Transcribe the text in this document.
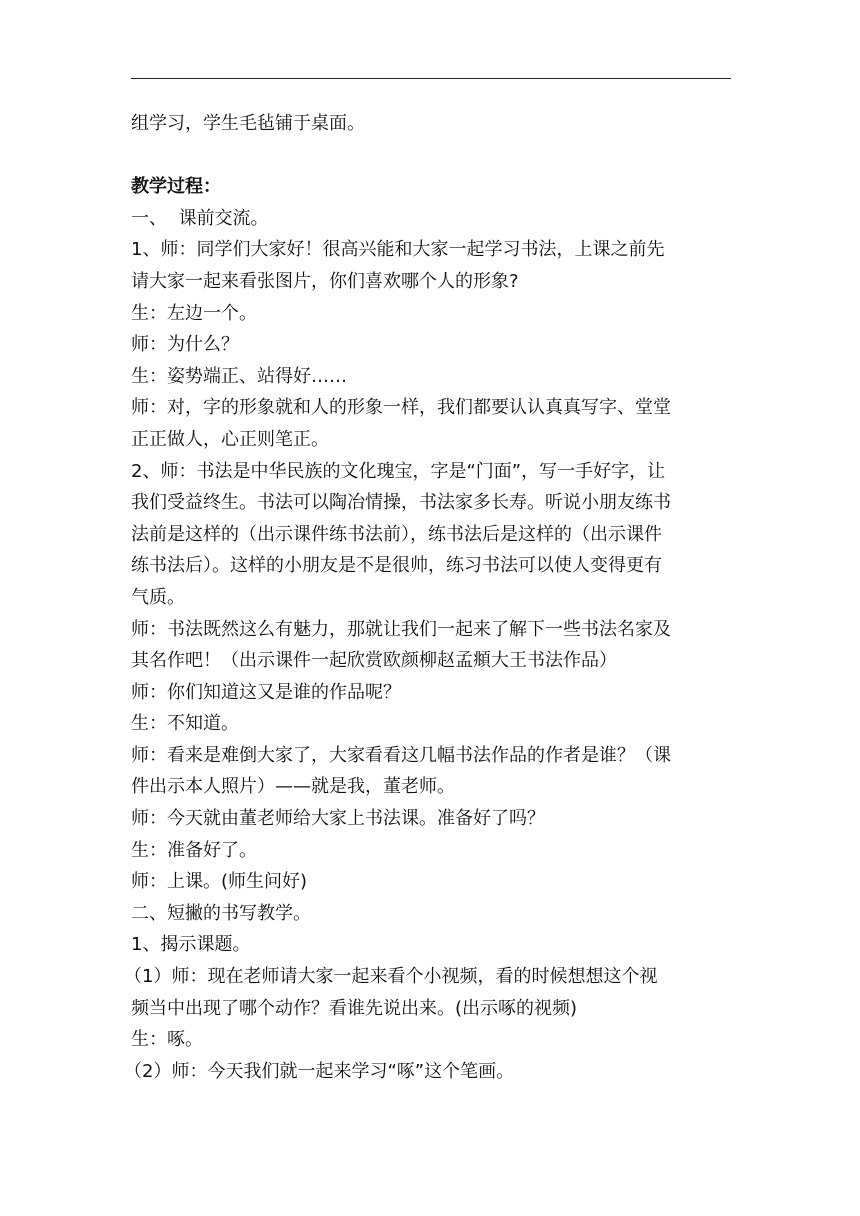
组学习，学生毛毡铺于桌面。

教学过程：

一、  课前交流。

1、师：同学们大家好！很高兴能和大家一起学习书法，上课之前先

请大家一起来看张图片，你们喜欢哪个人的形象?

生：左边一个。

师：为什么？

生：姿势端正、站得好……

师：对，字的形象就和人的形象一样，我们都要认认真真写字、堂堂

正正做人，心正则笔正。

2、师：书法是中华民族的文化瑰宝，字是“门面”，写一手好字，让

我们受益终生。书法可以陶冶情操，书法家多长寿。听说小朋友练书

法前是这样的（出示课件练书法前），练书法后是这样的（出示课件

练书法后）。这样的小朋友是不是很帅，练习书法可以使人变得更有

气质。

师：书法既然这么有魅力，那就让我们一起来了解下一些书法名家及

其名作吧！（出示课件一起欣赏欧颜柳赵孟頫大王书法作品）

师：你们知道这又是谁的作品呢？

生：不知道。

师：看来是难倒大家了，大家看看这几幅书法作品的作者是谁？（课

件出示本人照片）——就是我，董老师。

师：今天就由董老师给大家上书法课。准备好了吗？

生：准备好了。

师：上课。(师生问好)

二、短撇的书写教学。

1、揭示课题。

（1）师：现在老师请大家一起来看个小视频，看的时候想想这个视

频当中出现了哪个动作？看谁先说出来。(出示啄的视频)

生：啄。

（2）师：今天我们就一起来学习“啄”这个笔画。
